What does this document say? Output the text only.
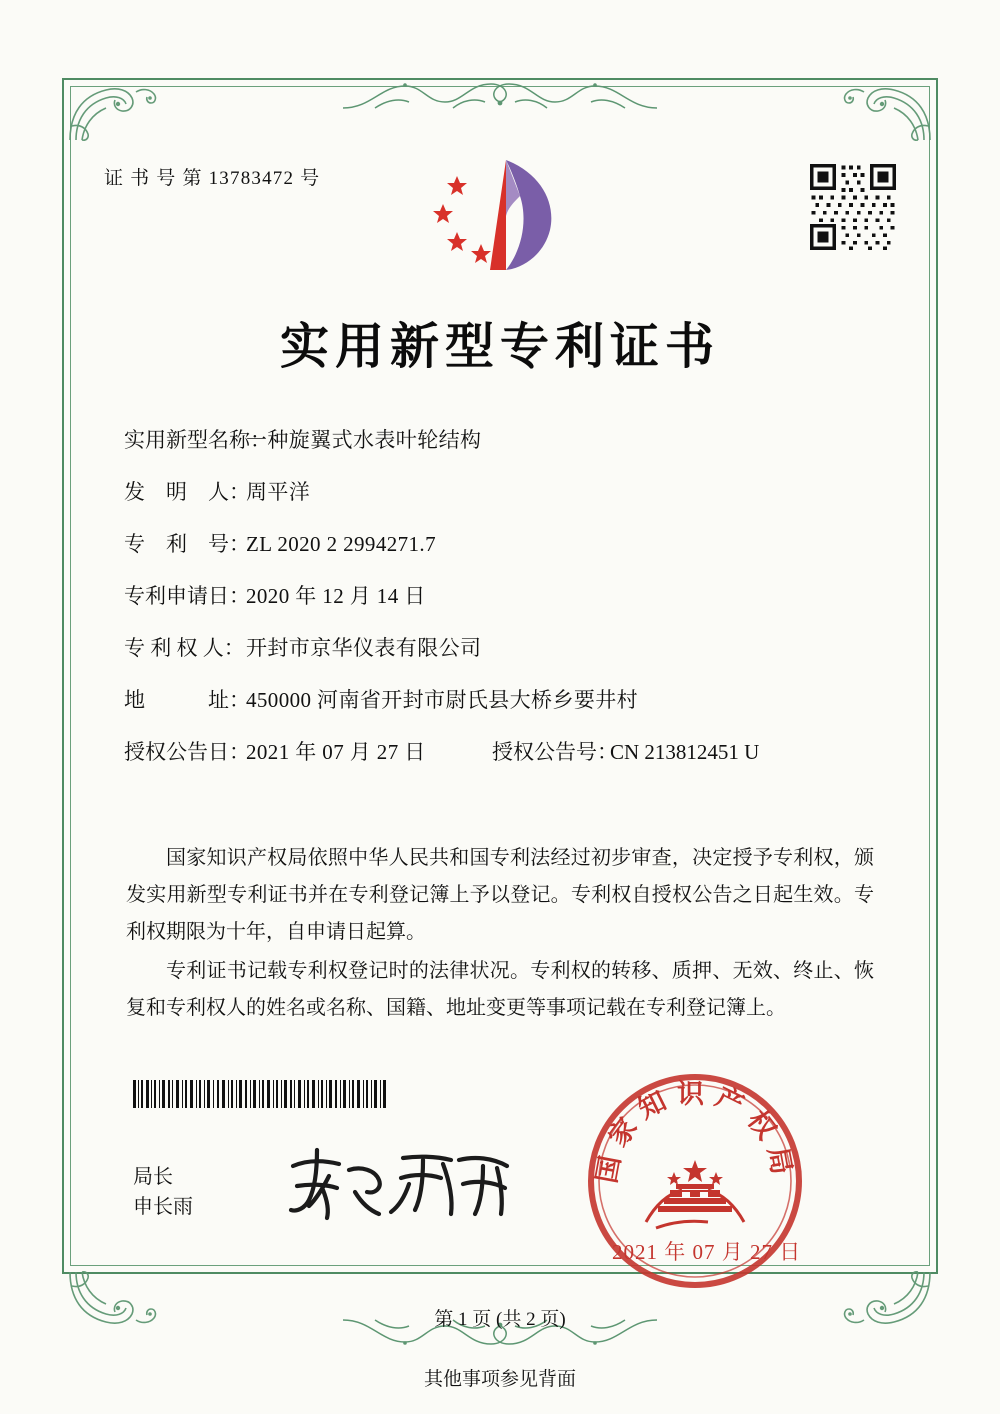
证 书 号 第 13783472 号
实用新型专利证书
实用新型名称：
一种旋翼式水表叶轮结构
发　明　人：
周平洋
专　利　号：
ZL 2020 2 2994271.7
专利申请日：
2020 年 12 月 14 日
专 利 权 人： 开封市京华仪表有限公司
地　　　址：
450000 河南省开封市尉氏县大桥乡要井村
授权公告日：
2021 年 07 月 27 日	授权公告号：
CN 213812451 U

国家知识产权局依照中华人民共和国专利法经过初步审查，决定授予专利权，颁发实用新型专利证书并在专利登记簿上予以登记。专利权自授权公告之日起生效。专利权期限为十年，自申请日起算。

专利证书记载专利权登记时的法律状况。专利权的转移、质押、无效、终止、恢复和专利权人的姓名或名称、国籍、地址变更等事项记载在专利登记簿上。

局长
申长雨
国家知识产权局
2021 年 07 月 27 日
第 1 页 (共 2 页)
其他事项参见背面
